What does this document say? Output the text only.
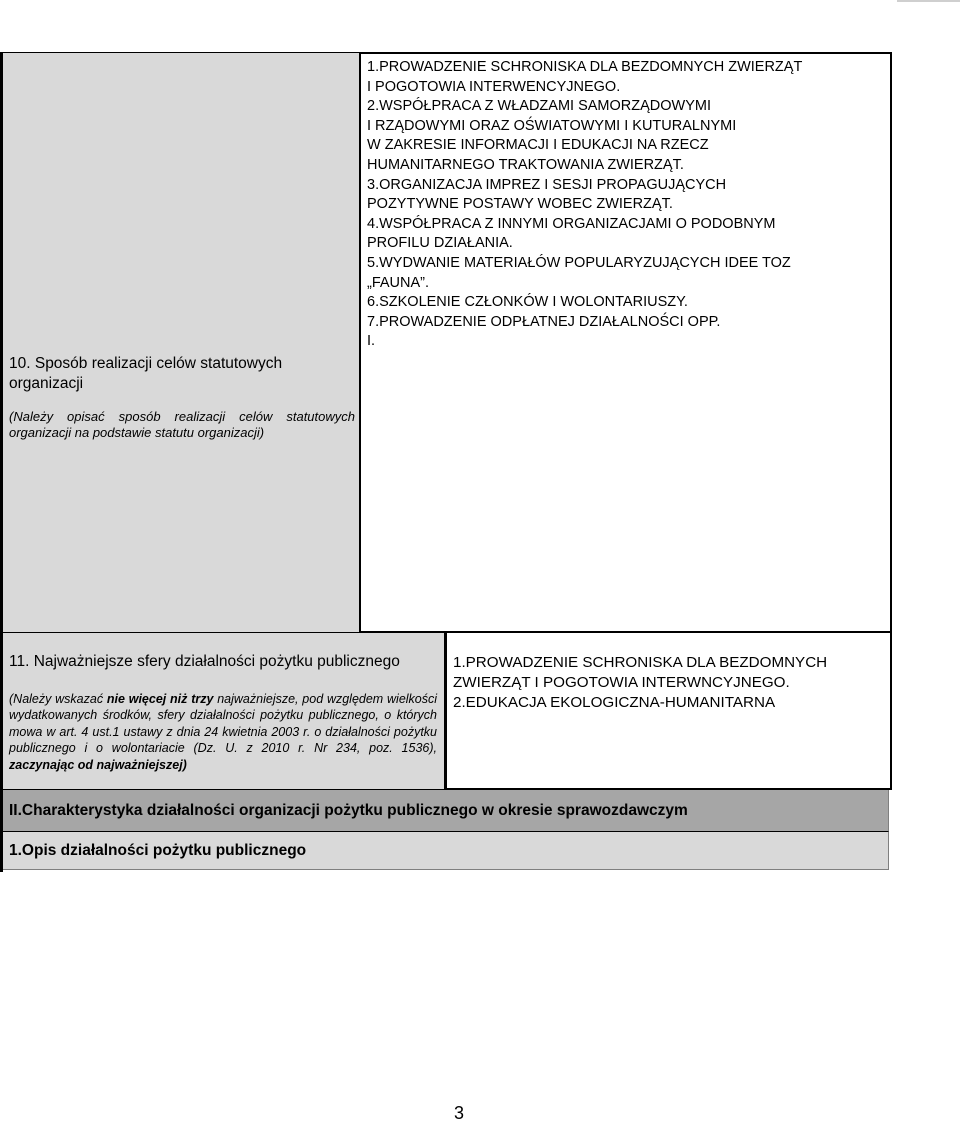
10. Sposób realizacji celów statutowych
organizacji
(Należy opisać sposób realizacji celów statutowych organizacji na podstawie statutu organizacji)
1.PROWADZENIE SCHRONISKA DLA BEZDOMNYCH ZWIERZĄT
I POGOTOWIA INTERWENCYJNEGO.
2.WSPÓŁPRACA Z WŁADZAMI SAMORZĄDOWYMI
I RZĄDOWYMI ORAZ OŚWIATOWYMI I KUTURALNYMI
W ZAKRESIE INFORMACJI I EDUKACJI NA RZECZ
HUMANITARNEGO TRAKTOWANIA ZWIERZĄT.
3.ORGANIZACJA IMPREZ I SESJI PROPAGUJĄCYCH
POZYTYWNE POSTAWY WOBEC ZWIERZĄT.
4.WSPÓŁPRACA Z INNYMI ORGANIZACJAMI O PODOBNYM
PROFILU DZIAŁANIA.
5.WYDWANIE MATERIAŁÓW POPULARYZUJĄCYCH IDEE TOZ
„FAUNA”.
6.SZKOLENIE CZŁONKÓW I WOLONTARIUSZY.
7.PROWADZENIE ODPŁATNEJ DZIAŁALNOŚCI OPP.
I.
11. Najważniejsze sfery działalności pożytku publicznego
(Należy wskazać nie więcej niż trzy najważniejsze, pod względem wielkości wydatkowanych środków, sfery działalności pożytku publicznego, o których mowa w art. 4 ust.1 ustawy z dnia 24 kwietnia 2003 r. o działalności pożytku publicznego i o wolontariacie (Dz. U. z 2010 r. Nr 234, poz. 1536), zaczynając od najważniejszej)
1.PROWADZENIE SCHRONISKA DLA BEZDOMNYCH
ZWIERZĄT I POGOTOWIA INTERWNCYJNEGO.
2.EDUKACJA EKOLOGICZNA-HUMANITARNA
II.Charakterystyka działalności organizacji pożytku publicznego w okresie sprawozdawczym
1.Opis działalności pożytku publicznego
3
